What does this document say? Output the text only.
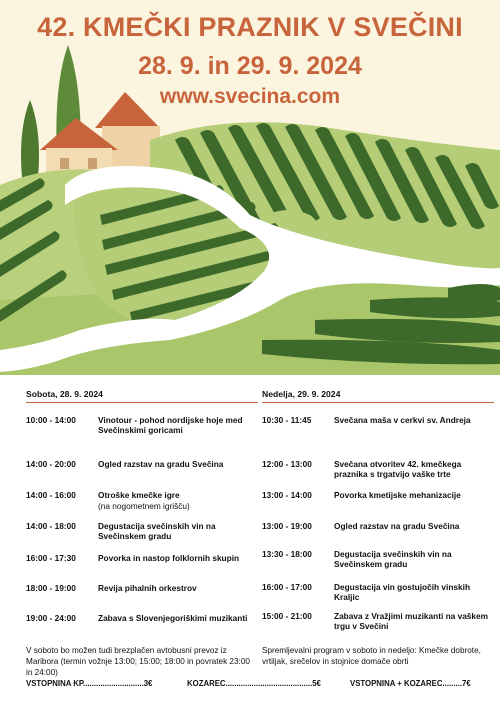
42. KMEČKI PRAZNIK V SVEČINI
28. 9. in 29. 9. 2024
www.svecina.com
Sobota, 28. 9. 2024
10:00 - 14:00	Vinotour - pohod nordijske hoje med Svečinskimi goricami
14:00 - 20:00	Ogled razstav na gradu Svečina
14:00 - 16:00	Otroške kmečke igre
(na nogometnem igrišču)
14:00 - 18:00	Degustacija svečinskih vin na Svečinskem gradu
16:00 - 17:30	Povorka in nastop folklornih skupin
18:00 - 19:00	Revija pihalnih orkestrov
19:00 - 24:00	Zabava s Slovenjegoriškimi muzikanti
V soboto bo možen tudi brezplačen avtobusni prevoz iz Maribora (termin vožnje 13:00; 15:00; 18:00 in povratek 23:00 in 24:00)
Nedelja, 29. 9. 2024
10:30 - 11:45	Svečana maša v cerkvi sv. Andreja
12:00 - 13:00	Svečana otvoritev 42. kmečkega praznika s trgatvijo vaške trte
13:00 - 14:00	Povorka kmetijske mehanizacije
13:00 - 19:00	Ogled razstav na gradu Svečina
13:30 - 18:00	Degustacija svečinskih vin na Svečinskem gradu
16:00 - 17:00	Degustacija vin gostujočih vinskih Kraljic
15:00 - 21:00	Zabava z Vražjimi muzikanti na vaškem trgu v Svečini
Spremljevalni program v soboto in nedeljo: Kmečke dobrote, vrtiljak, srečelov in stojnice domače obrti
VSTOPNINA KP............................3€	KOZAREC........................................5€	VSTOPNINA + KOZAREC.........7€
